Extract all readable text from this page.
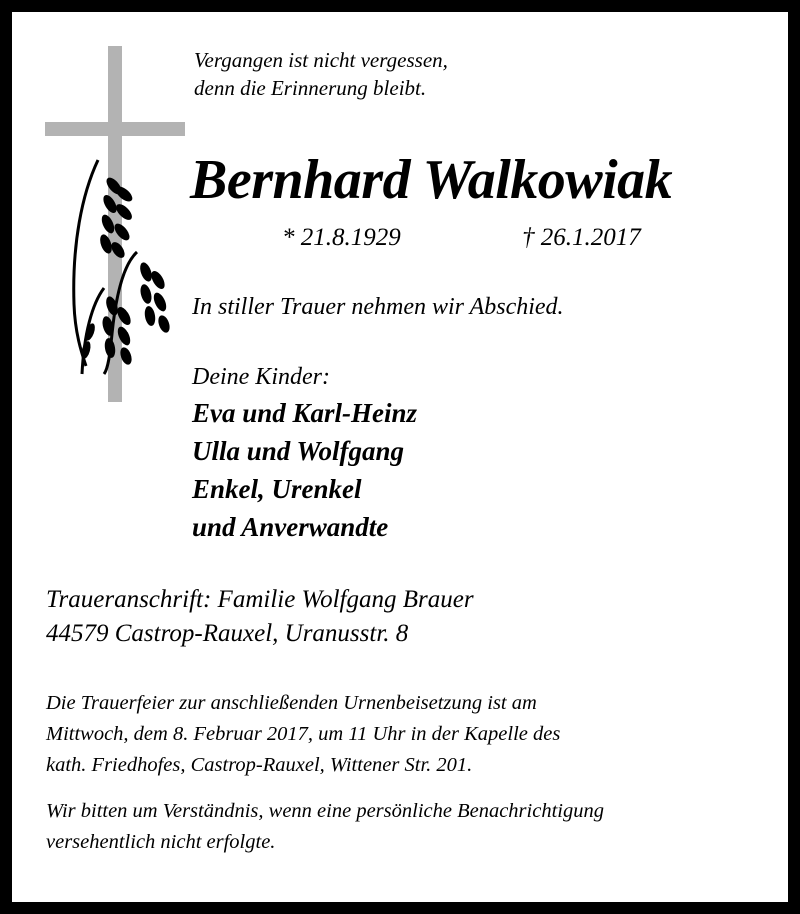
Vergangen ist nicht vergessen,
denn die Erinnerung bleibt.
Bernhard Walkowiak
* 21.8.1929	† 26.1.2017
In stiller Trauer nehmen wir Abschied.
Deine Kinder:
Eva und Karl-Heinz
Ulla und Wolfgang
Enkel, Urenkel
und Anverwandte
Traueranschrift: Familie Wolfgang Brauer
44579 Castrop-Rauxel, Uranusstr. 8
Die Trauerfeier zur anschließenden Urnenbeisetzung ist am
Mittwoch, dem 8. Februar 2017, um 11 Uhr in der Kapelle des
kath. Friedhofes, Castrop-Rauxel, Wittener Str. 201.
Wir bitten um Verständnis, wenn eine persönliche Benachrichtigung
versehentlich nicht erfolgte.
